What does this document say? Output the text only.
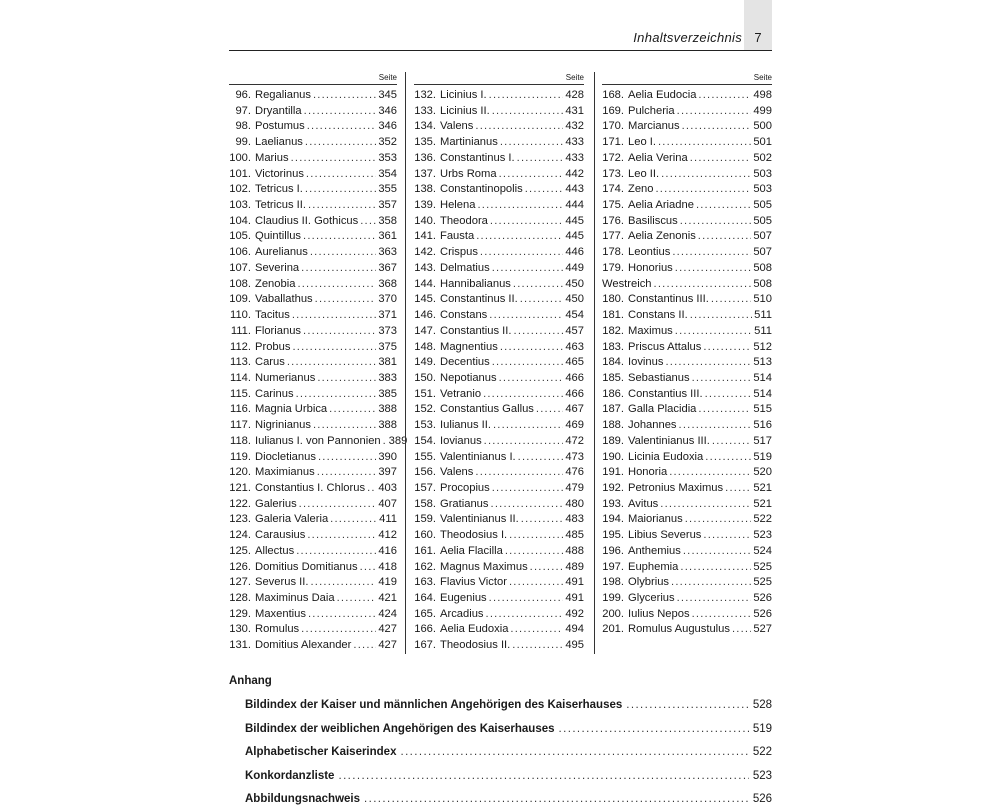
Inhaltsverzeichnis 7
Seite
96. Regalianus .....	345
97. Dryantilla .....	346
98. Postumus .....	346
99. Laelianus .....	352
100. Marius .....	353
101. Victorinus .....	354
102. Tetricus I. .....	355
103. Tetricus II. .....	357
104. Claudius II. Gothicus ..... 358
105. Quintillus .....	361
106. Aurelianus .....	363
107. Severina .....	367
108. Zenobia .....	368
109. Vaballathus .....	370
110. Tacitus .....	371
111. Florianus .....	373
112. Probus .....	375
113. Carus .....	381
114. Numerianus .....	383
115. Carinus .....	385
116. Magnia Urbica .....	388
117. Nigrinianus .....	388
118. Iulianus I. von Pannonien ..... 389
119. Diocletianus .....	390
120. Maximianus .....	397
121. Constantius I. Chlorus ..... 403
122. Galerius .....	407
123. Galeria Valeria .....	411
124. Carausius .....	412
125. Allectus .....	416
126. Domitius Domitianus ..... 418
127. Severus II. .....	419
128. Maximinus Daia .....	421
129. Maxentius .....	424
130. Romulus .....	427
131. Domitius Alexander ..... 427
Seite
132. Licinius I. .....	428
133. Licinius II. .....	431
134. Valens .....	432
135. Martinianus .....	433
136. Constantinus I. .....	433
137. Urbs Roma .....	442
138. Constantinopolis .....	443
139. Helena .....	444
140. Theodora .....	445
141. Fausta .....	445
142. Crispus .....	446
143. Delmatius .....	449
144. Hannibalianus .....	450
145. Constantinus II. .....	450
146. Constans .....	454
147. Constantius II. .....	457
148. Magnentius .....	463
149. Decentius .....	465
150. Nepotianus .....	466
151. Vetranio .....	466
152. Constantius Gallus .....	467
153. Iulianus II. .....	469
154. Iovianus .....	472
155. Valentinianus I. .....	473
156. Valens .....	476
157. Procopius .....	479
158. Gratianus .....	480
159. Valentinianus II. .....	483
160. Theodosius I. .....	485
161. Aelia Flacilla .....	488
162. Magnus Maximus .....	489
163. Flavius Victor .....	491
164. Eugenius .....	491
165. Arcadius .....	492
166. Aelia Eudoxia .....	494
167. Theodosius II. .....	495
Seite
168. Aelia Eudocia .....	498
169. Pulcheria .....	499
170. Marcianus .....	500
171. Leo I. .....	501
172. Aelia Verina .....	502
173. Leo II. .....	503
174. Zeno .....	503
175. Aelia Ariadne .....	505
176. Basiliscus .....	505
177. Aelia Zenonis .....	507
178. Leontius .....	507
179. Honorius .....	508
Westreich .....	508
180. Constantinus III. .....	510
181. Constans II. .....	511
182. Maximus .....	511
183. Priscus Attalus .....	512
184. Iovinus .....	513
185. Sebastianus .....	514
186. Constantius III. .....	514
187. Galla Placidia .....	515
188. Johannes .....	516
189. Valentinianus III. .....	517
190. Licinia Eudoxia .....	519
191. Honoria .....	520
192. Petronius Maximus .....	521
193. Avitus .....	521
194. Maiorianus .....	522
195. Libius Severus .....	523
196. Anthemius .....	524
197. Euphemia .....	525
198. Olybrius .....	525
199. Glycerius .....	526
200. Iulius Nepos .....	526
201. Romulus Augustulus ..... 527
Anhang
Bildindex der Kaiser und männlichen Angehörigen des Kaiserhauses .....	528
Bildindex der weiblichen Angehörigen des Kaiserhauses .....	519
Alphabetischer Kaiserindex .....	522
Konkordanzliste .....	523
Abbildungsnachweis .....	526
